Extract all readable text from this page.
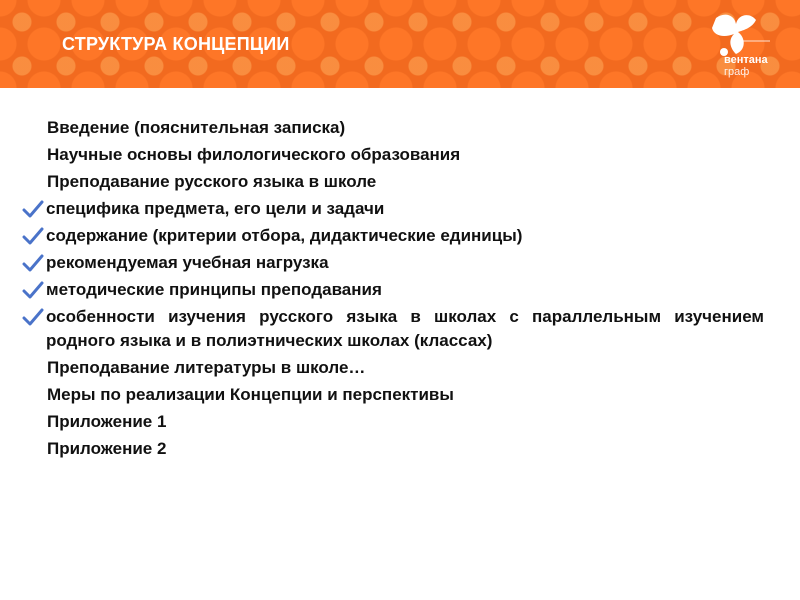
СТРУКТУРА КОНЦЕПЦИИ
вентана
граф
Введение (пояснительная записка)
Научные основы филологического образования
Преподавание русского языка в школе
специфика предмета, его цели и задачи
содержание (критерии отбора, дидактические единицы)
рекомендуемая учебная нагрузка
методические принципы преподавания
особенности изучения русского языка в школах с параллельным изучением родного языка и в полиэтнических школах (классах)
Преподавание литературы в школе…
Меры по реализации Концепции и перспективы
Приложение 1
Приложение 2
